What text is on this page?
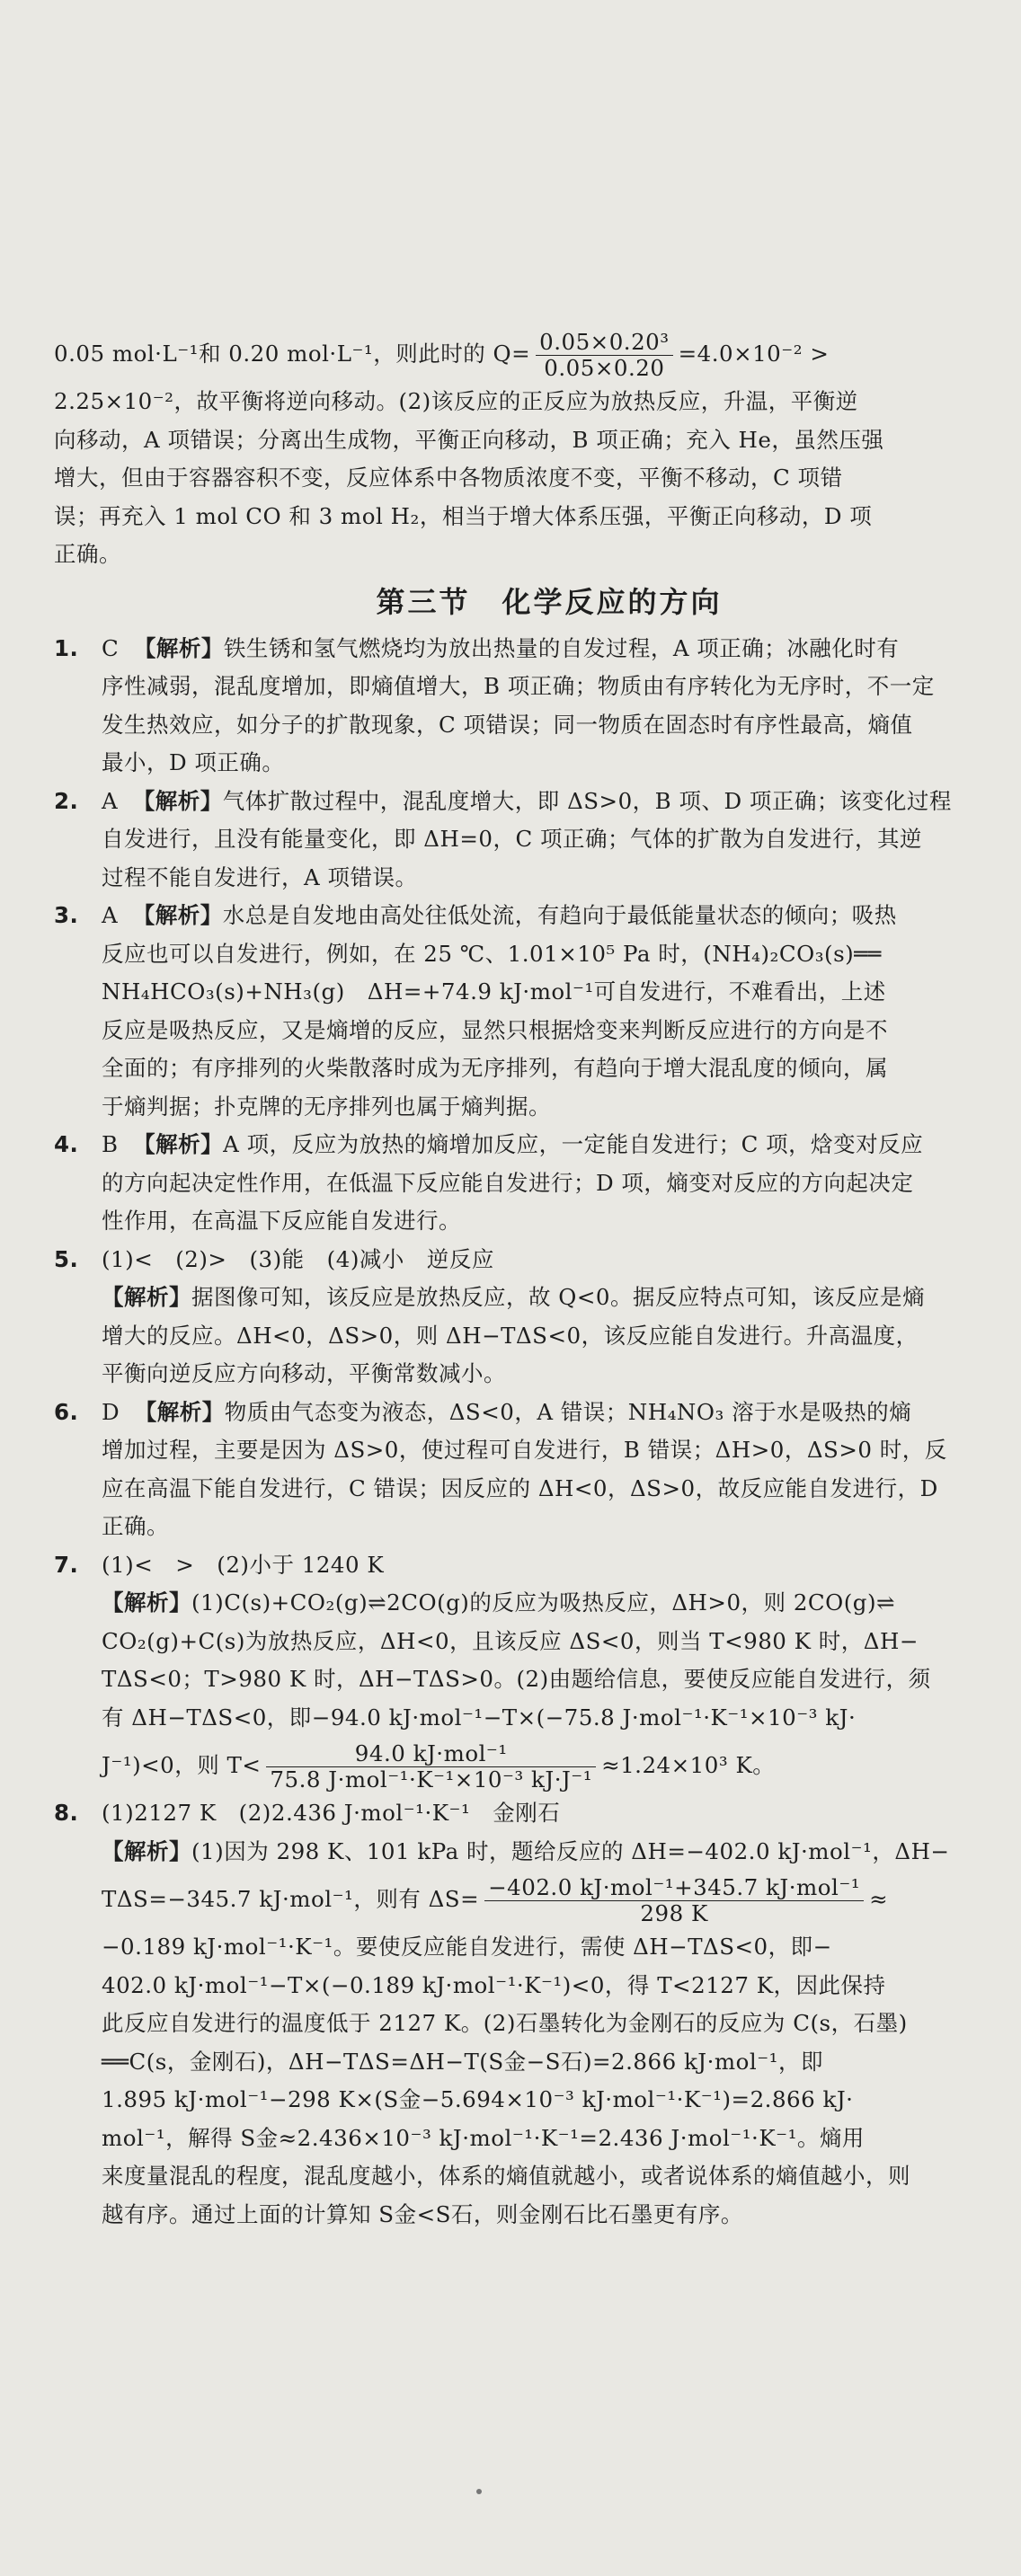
0.05 mol·L⁻¹和 0.20 mol·L⁻¹，则此时的 $Q= \frac{\text{0.05×0.20³}}{0.05\times 0.20} =4.0\times 10^{-2}$ >
2.25×10⁻²，故平衡将逆向移动。(2)该反应的正反应为放热反应，升温，平衡逆
向移动，A 项错误；分离出生成物，平衡正向移动，B 项正确；充入 He，虽然压强
增大，但由于容器容积不变，反应体系中各物质浓度不变，平衡不移动，C 项错
误；再充入 1 mol CO 和 3 mol H₂，相当于增大体系压强，平衡正向移动，D 项
正确。
第三节　化学反应的方向
1. C 【解析】铁生锈和氢气燃烧均为放出热量的自发过程，A 项正确；冰融化时有
序性减弱，混乱度增加，即熵值增大，B 项正确；物质由有序转化为无序时，不一定
发生热效应，如分子的扩散现象，C 项错误；同一物质在固态时有序性最高，熵值
最小，D 项正确。
2. A 【解析】气体扩散过程中，混乱度增大，即 ΔS>0，B 项、D 项正确；该变化过程
自发进行，且没有能量变化，即 ΔH=0，C 项正确；气体的扩散为自发进行，其逆
过程不能自发进行，A 项错误。
3. A 【解析】水总是自发地由高处往低处流，有趋向于最低能量状态的倾向；吸热
反应也可以自发进行，例如，在 25 ℃、1.01×10⁵ Pa 时，(NH₄)₂CO₃(s)══
NH₄HCO₃(s)+NH₃(g)　ΔH=+74.9 kJ·mol⁻¹可自发进行，不难看出，上述
反应是吸热反应，又是熵增的反应，显然只根据焓变来判断反应进行的方向是不
全面的；有序排列的火柴散落时成为无序排列，有趋向于增大混乱度的倾向，属
于熵判据；扑克牌的无序排列也属于熵判据。
4. B 【解析】A 项，反应为放热的熵增加反应，一定能自发进行；C 项，焓变对反应
的方向起决定性作用，在低温下反应能自发进行；D 项，熵变对反应的方向起决定
性作用，在高温下反应能自发进行。
5. (1)<　(2)>　(3)能　(4)减小　逆反应
【解析】据图像可知，该反应是放热反应，故 Q<0。据反应特点可知，该反应是熵
增大的反应。ΔH<0，ΔS>0，则 ΔH−TΔS<0，该反应能自发进行。升高温度，
平衡向逆反应方向移动，平衡常数减小。
6. D 【解析】物质由气态变为液态，ΔS<0，A 错误；NH₄NO₃ 溶于水是吸热的熵
增加过程，主要是因为 ΔS>0，使过程可自发进行，B 错误；ΔH>0，ΔS>0 时，反
应在高温下能自发进行，C 错误；因反应的 ΔH<0，ΔS>0，故反应能自发进行，D
正确。
7. (1)<　>　(2)小于 1240 K
【解析】(1)C(s)+CO₂(g)⇌2CO(g)的反应为吸热反应，ΔH>0，则 2CO(g)⇌
CO₂(g)+C(s)为放热反应，ΔH<0，且该反应 ΔS<0，则当 T<980 K 时，ΔH−
TΔS<0；T>980 K 时，ΔH−TΔS>0。(2)由题给信息，要使反应能自发进行，须
有 ΔH−TΔS<0，即−94.0 kJ·mol⁻¹−T×(−75.8 J·mol⁻¹·K⁻¹×10⁻³ kJ·
J⁻¹)<0，则 $T< \frac{\text{94.0 kJ·mol⁻¹}}{\text{75.8 J·mol⁻¹·K⁻¹×10⁻³ kJ·J⁻¹}} \approx 1.24\times 10^3$ K。
8. (1)2127 K　(2)2.436 J·mol⁻¹·K⁻¹　金刚石
【解析】(1)因为 298 K、101 kPa 时，题给反应的 ΔH=−402.0 kJ·mol⁻¹，ΔH−
TΔS=−345.7 kJ·mol⁻¹，则有 $\Delta S= \frac{\text{−402.0 kJ·mol⁻¹+345.7 kJ·mol⁻¹}}{298 K}$ ≈
−0.189 kJ·mol⁻¹·K⁻¹。要使反应能自发进行，需使 ΔH−TΔS<0，即−
402.0 kJ·mol⁻¹−T×(−0.189 kJ·mol⁻¹·K⁻¹)<0，得 T<2127 K，因此保持
此反应自发进行的温度低于 2127 K。(2)石墨转化为金刚石的反应为 C(s，石墨)
══C(s，金刚石)，ΔH−TΔS=ΔH−T(S金−S石)=2.866 kJ·mol⁻¹，即
1.895 kJ·mol⁻¹−298 K×(S金−5.694×10⁻³ kJ·mol⁻¹·K⁻¹)=2.866 kJ·
mol⁻¹，解得 S金≈2.436×10⁻³ kJ·mol⁻¹·K⁻¹=2.436 J·mol⁻¹·K⁻¹。熵用
来度量混乱的程度，混乱度越小，体系的熵值就越小，或者说体系的熵值越小，则
越有序。通过上面的计算知 S金<S石，则金刚石比石墨更有序。
